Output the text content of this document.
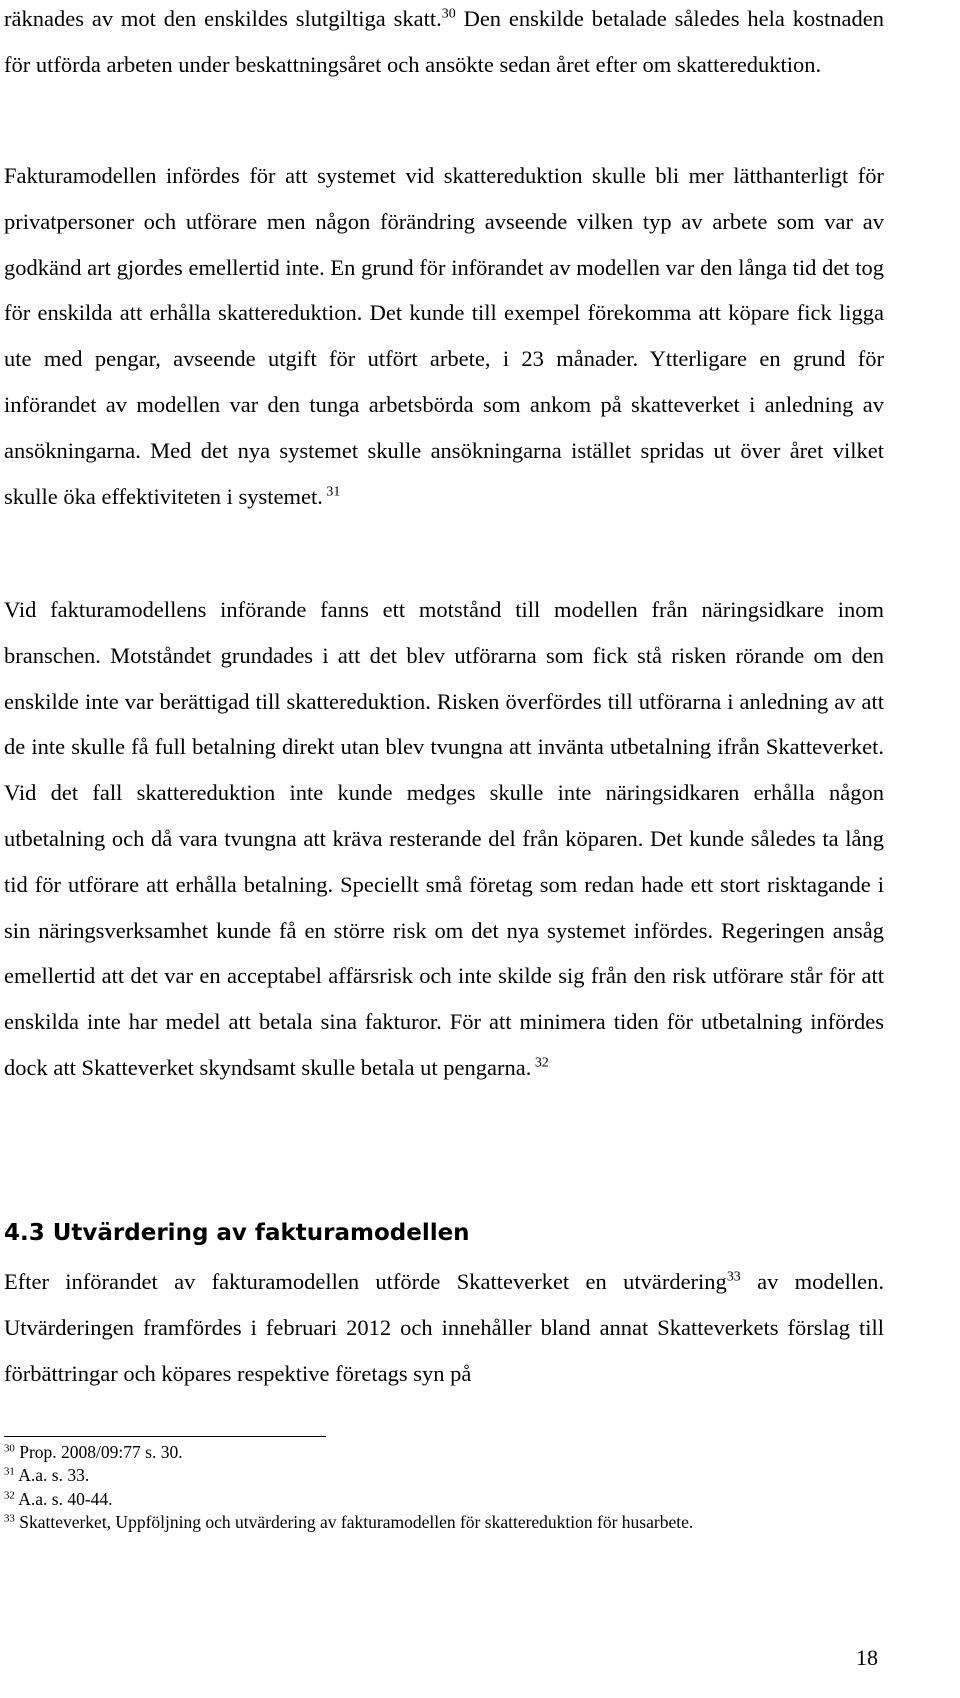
räknades av mot den enskildes slutgiltiga skatt.$^{30}$ Den enskilde betalade således hela kostnaden för utförda arbeten under beskattningsåret och ansökte sedan året efter om skattereduktion.

Fakturamodellen infördes för att systemet vid skattereduktion skulle bli mer lätthanterligt för privatpersoner och utförare men någon förändring avseende vilken typ av arbete som var av godkänd art gjordes emellertid inte. En grund för införandet av modellen var den långa tid det tog för enskilda att erhålla skattereduktion. Det kunde till exempel förekomma att köpare fick ligga ute med pengar, avseende utgift för utfört arbete, i 23 månader. Ytterligare en grund för införandet av modellen var den tunga arbetsbörda som ankom på skatteverket i anledning av ansökningarna. Med det nya systemet skulle ansökningarna istället spridas ut över året vilket skulle öka effektiviteten i systemet. $^{31}$

Vid fakturamodellens införande fanns ett motstånd till modellen från näringsidkare inom branschen. Motståndet grundades i att det blev utförarna som fick stå risken rörande om den enskilde inte var berättigad till skattereduktion. Risken överfördes till utförarna i anledning av att de inte skulle få full betalning direkt utan blev tvungna att invänta utbetalning ifrån Skatteverket. Vid det fall skattereduktion inte kunde medges skulle inte näringsidkaren erhålla någon utbetalning och då vara tvungna att kräva resterande del från köparen. Det kunde således ta lång tid för utförare att erhålla betalning. Speciellt små företag som redan hade ett stort risktagande i sin näringsverksamhet kunde få en större risk om det nya systemet infördes. Regeringen ansåg emellertid att det var en acceptabel affärsrisk och inte skilde sig från den risk utförare står för att enskilda inte har medel att betala sina fakturor. För att minimera tiden för utbetalning infördes dock att Skatteverket skyndsamt skulle betala ut pengarna. $^{32}$

4.3 Utvärdering av fakturamodellen

Efter införandet av fakturamodellen utförde Skatteverket en utvärdering$^{33}$ av modellen. Utvärderingen framfördes i februari 2012 och innehåller bland annat Skatteverkets förslag till förbättringar och köpares respektive företags syn på

$^{30}$ Prop. 2008/09:77 s. 30.
$^{31}$ A.a. s. 33.
$^{32}$ A.a. s. 40-44.
$^{33}$ Skatteverket, Uppföljning och utvärdering av fakturamodellen för skattereduktion för husarbete.
18
